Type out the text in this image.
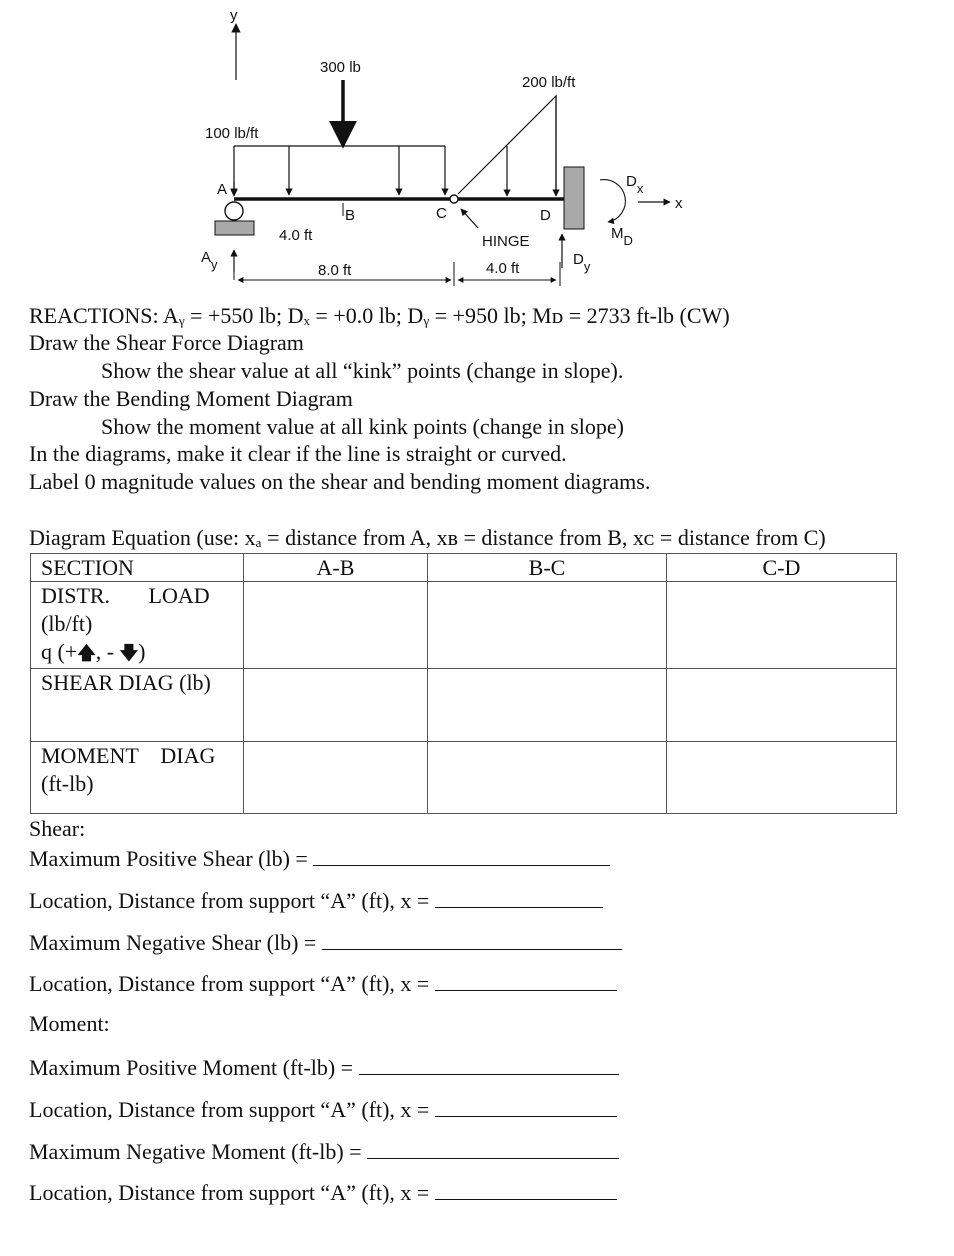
y
300 lb
100 lb/ft
200 lb/ft
A
B	C	D
HINGE
4.0 ft
8.0 ft	4.0 ft
Ay	Dy
Dx
x
MD
REACTIONS: Aᵧ = +550 lb; Dₓ = +0.0 lb; Dᵧ = +950 lb; Mᴅ = 2733 ft-lb (CW)
Draw the Shear Force Diagram
Show the shear value at all “kink” points (change in slope).
Draw the Bending Moment Diagram
Show the moment value at all kink points (change in slope)
In the diagrams, make it clear if the line is straight or curved.
Label 0 magnitude values on the shear and bending moment diagrams.
Diagram Equation (use: xₐ = distance from A, xʙ = distance from B, xᴄ = distance from C)
SECTION	A-B	B-C	C-D

DISTR.       LOAD
(lb/ft)
q (+🡅, - 🡇)			

SHEAR DIAG (lb)			

MOMENT    DIAG
(ft-lb)			

Shear:
Maximum Positive Shear (lb) =
Location, Distance from support “A” (ft), x =
Maximum Negative Shear (lb) =
Location, Distance from support “A” (ft), x =
Moment:
Maximum Positive Moment (ft-lb) =
Location, Distance from support “A” (ft), x =
Maximum Negative Moment (ft-lb) =
Location, Distance from support “A” (ft), x =
